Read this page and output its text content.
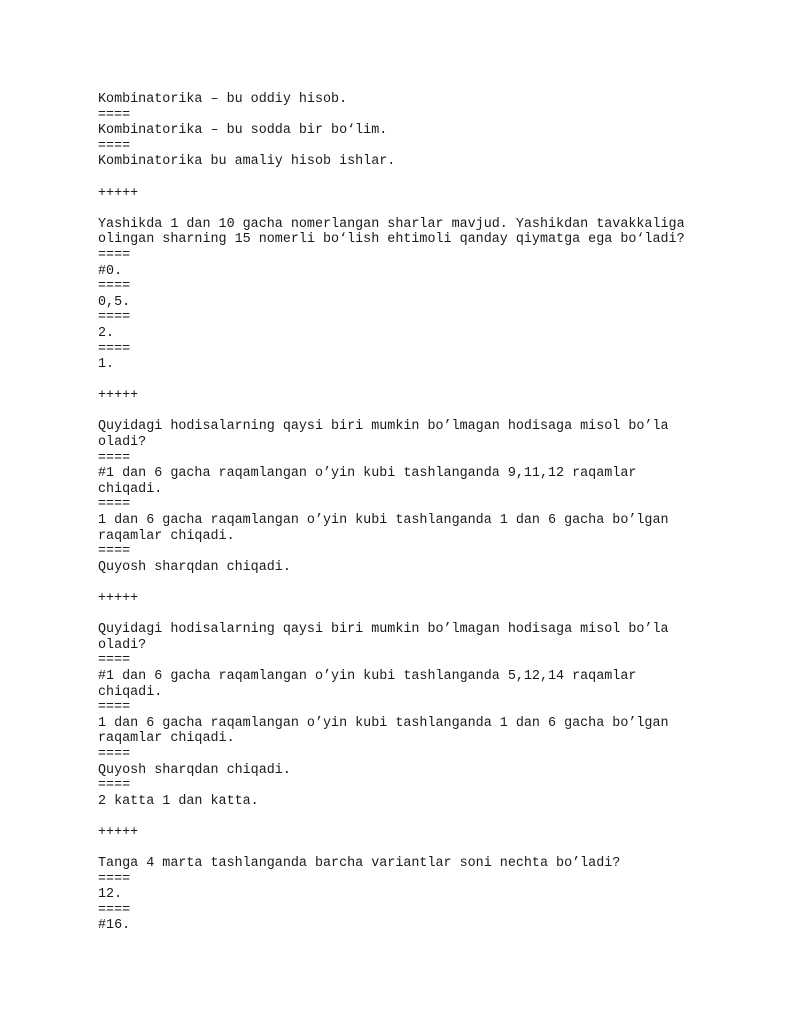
Kombinatorika – bu oddiy hisob.
====
Kombinatorika – bu sodda bir bo‘lim.
====
Kombinatorika bu amaliy hisob ishlar.
+++++
Yashikda 1 dan 10 gacha nomerlangan sharlar mavjud. Yashikdan tavakkaliga
olingan sharning 15 nomerli bo‘lish ehtimoli qanday qiymatga ega bo‘ladi?
====
#0.
====
0,5.
====
2.
====
1.
+++++
Quyidagi hodisalarning qaysi biri mumkin bo’lmagan hodisaga misol bo’la
oladi?
====
#1 dan 6 gacha raqamlangan o’yin kubi tashlanganda 9,11,12 raqamlar
chiqadi.
====
1 dan 6 gacha raqamlangan o’yin kubi tashlanganda 1 dan 6 gacha bo’lgan
raqamlar chiqadi.
====
Quyosh sharqdan chiqadi.
+++++
Quyidagi hodisalarning qaysi biri mumkin bo’lmagan hodisaga misol bo’la
oladi?
====
#1 dan 6 gacha raqamlangan o’yin kubi tashlanganda 5,12,14 raqamlar
chiqadi.
====
1 dan 6 gacha raqamlangan o’yin kubi tashlanganda 1 dan 6 gacha bo’lgan
raqamlar chiqadi.
====
Quyosh sharqdan chiqadi.
====
2 katta 1 dan katta.
+++++
Tanga 4 marta tashlanganda barcha variantlar soni nechta bo’ladi?
====
12.
====
#16.
